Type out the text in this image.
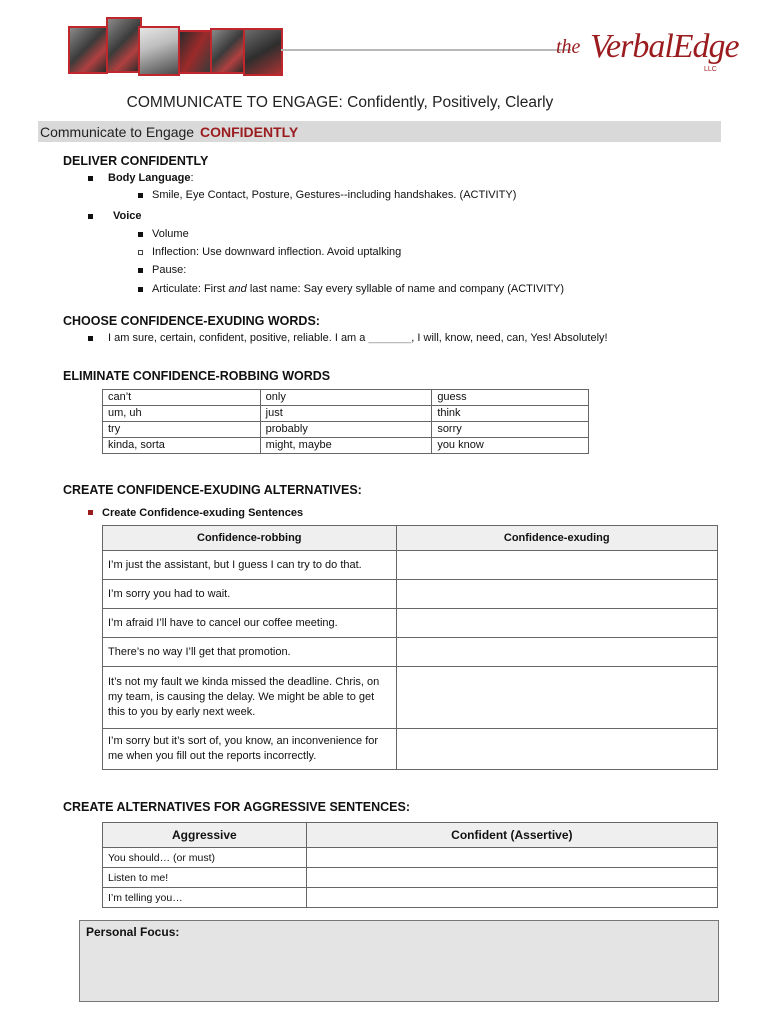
the VerbalEdge
LLC
COMMUNICATE TO ENGAGE: Confidently, Positively, Clearly
Communicate to Engage CONFIDENTLY
DELIVER CONFIDENTLY
Body Language:
Smile, Eye Contact, Posture, Gestures--including handshakes. (ACTIVITY)
Voice
Volume
Inflection: Use downward inflection. Avoid uptalking
Pause:
Articulate: First and last name: Say every syllable of name and company (ACTIVITY)
CHOOSE CONFIDENCE-EXUDING WORDS:
I am sure, certain, confident, positive, reliable. I am a _______, I will, know, need, can, Yes! Absolutely!
ELIMINATE CONFIDENCE-ROBBING WORDS
can’t	only	guess
um, uh	just	think
try	probably	sorry
kinda, sorta	might, maybe	you know
CREATE CONFIDENCE-EXUDING ALTERNATIVES:
Create Confidence-exuding Sentences
Confidence-robbing	Confidence-exuding
I’m just the assistant, but I guess I can try to do that.	
I’m sorry you had to wait.	
I’m afraid I’ll have to cancel our coffee meeting.	
There’s no way I’ll get that promotion.	
It’s not my fault we kinda missed the deadline. Chris, on my team, is causing the delay. We might be able to get this to you by early next week.	
I’m sorry but it’s sort of, you know, an inconvenience for me when you fill out the reports incorrectly.	
CREATE ALTERNATIVES FOR AGGRESSIVE SENTENCES:
Aggressive	Confident (Assertive)
You should… (or must)	
Listen to me!	
I’m telling you…	
Personal Focus:
